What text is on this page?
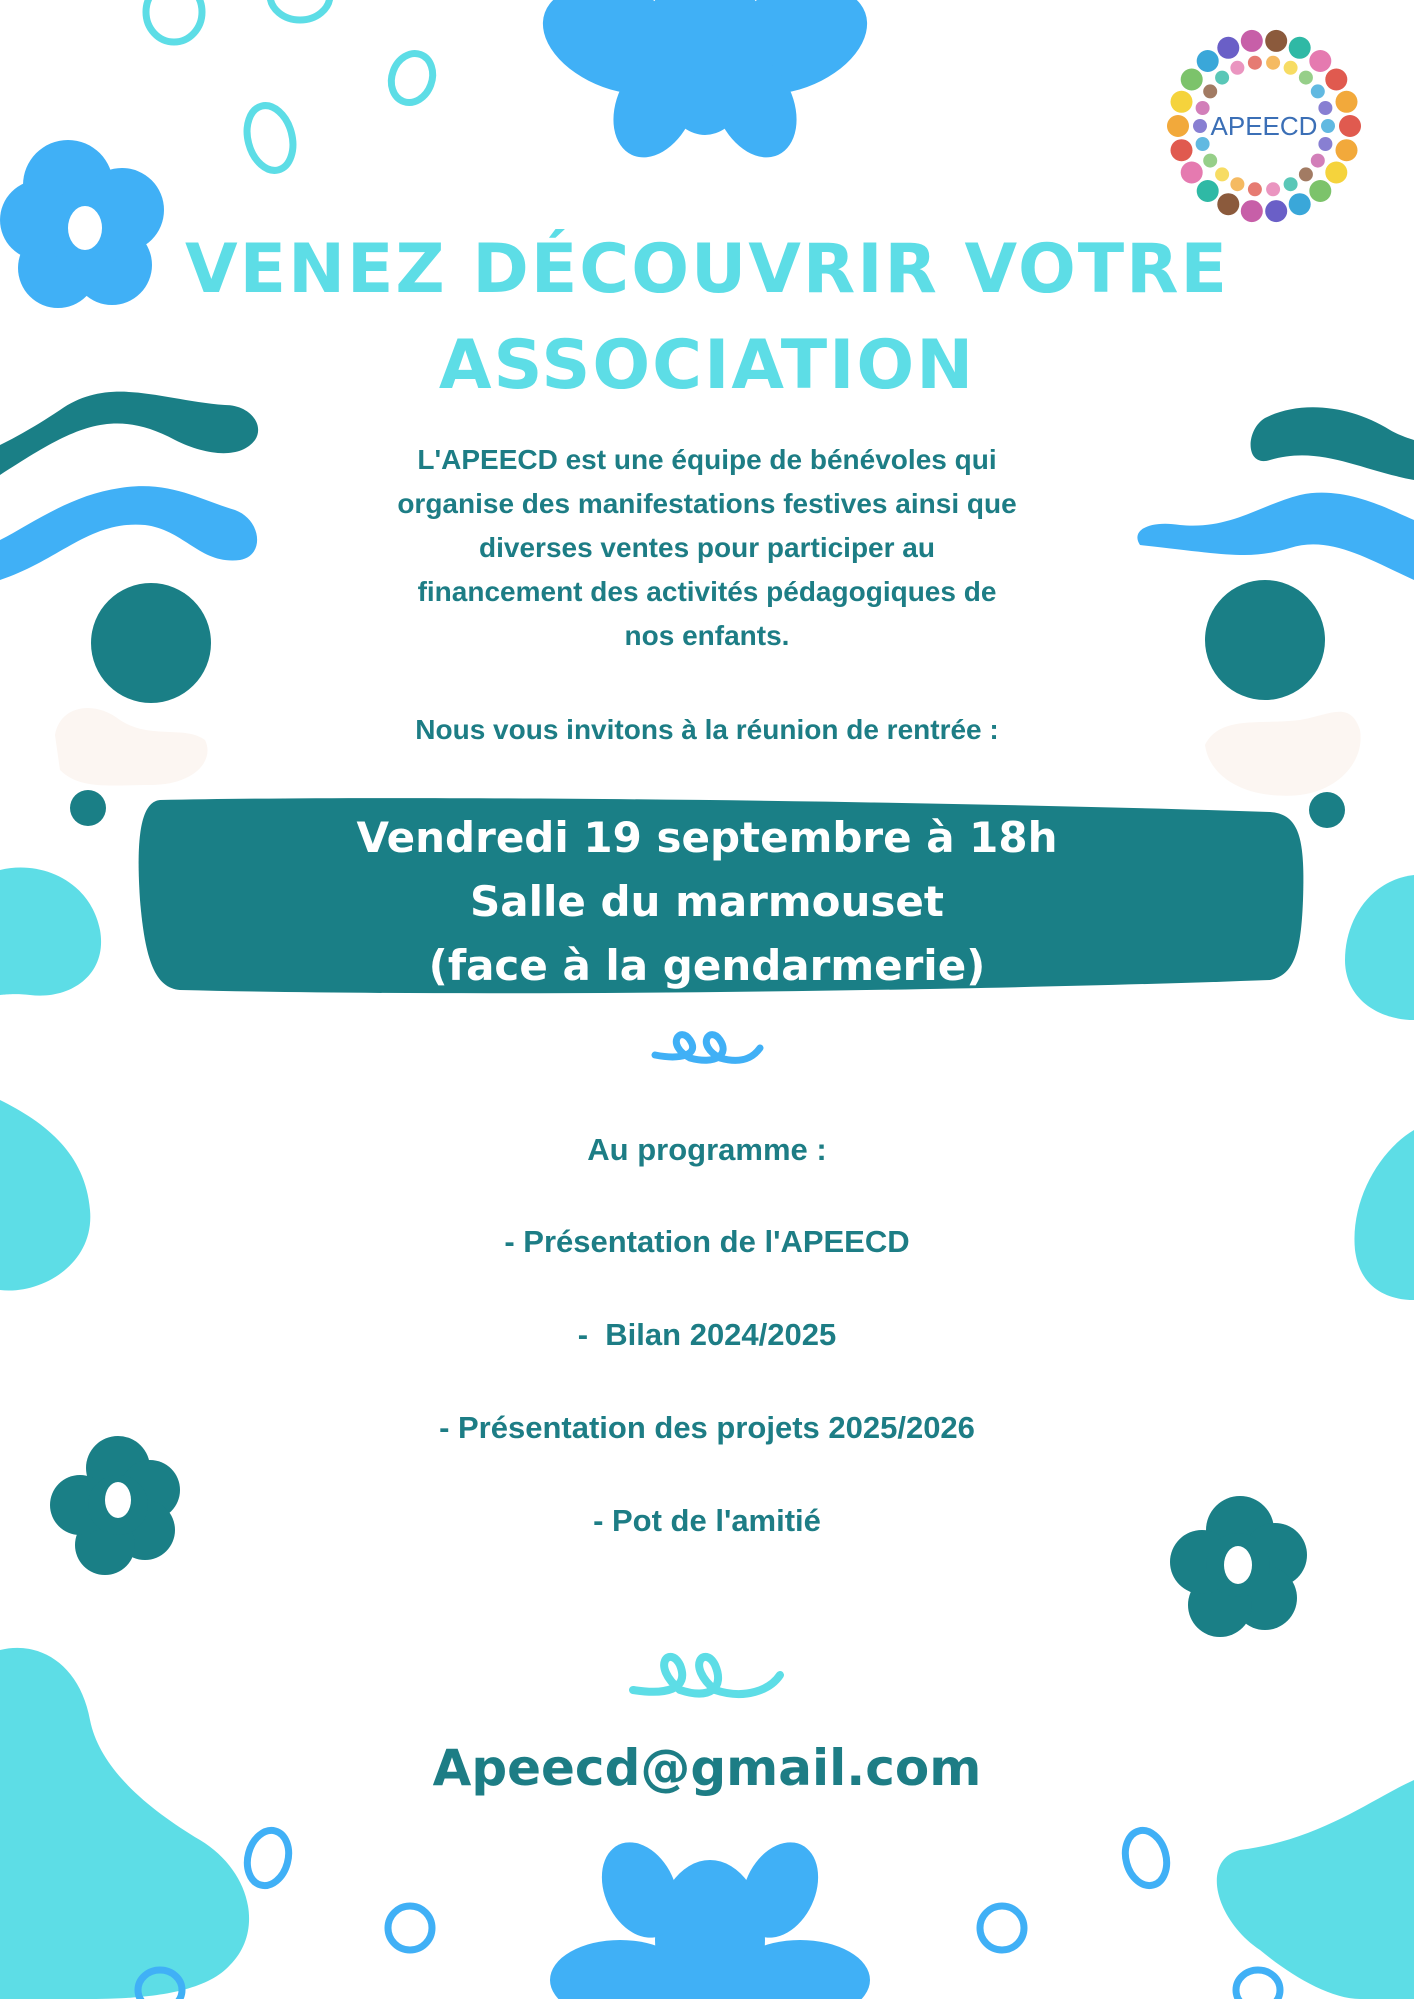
APEECD
VENEZ DÉCOUVRIR VOTRE
ASSOCIATION
L'APEECD est une équipe de bénévoles qui
organise des manifestations festives ainsi que
diverses ventes pour participer au
financement des activités pédagogiques de
nos enfants.
Nous vous invitons à la réunion de rentrée :
Vendredi 19 septembre à 18h
Salle du marmouset
(face à la gendarmerie)
Au programme :
- Présentation de l'APEECD
-  Bilan 2024/2025
- Présentation des projets 2025/2026
- Pot de l'amitié
Apeecd@gmail.com
